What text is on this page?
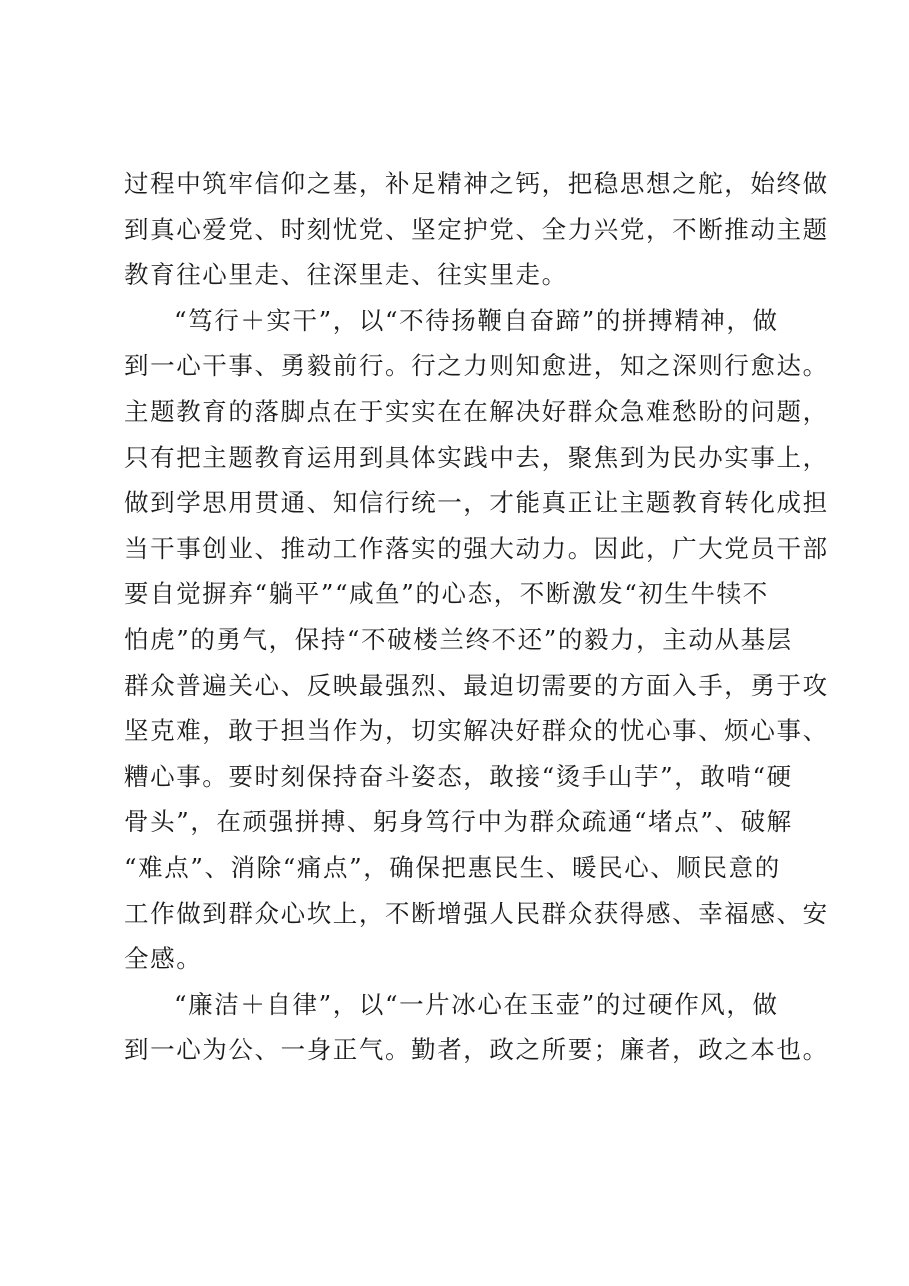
过程中筑牢信仰之基，补足精神之钙，把稳思想之舵，始终做
到真心爱党、时刻忧党、坚定护党、全力兴党，不断推动主题
教育往心里走、往深里走、往实里走。
“笃行＋实干”，以“不待扬鞭自奋蹄”的拼搏精神，做
到一心干事、勇毅前行。行之力则知愈进，知之深则行愈达。
主题教育的落脚点在于实实在在解决好群众急难愁盼的问题，
只有把主题教育运用到具体实践中去，聚焦到为民办实事上，
做到学思用贯通、知信行统一，才能真正让主题教育转化成担
当干事创业、推动工作落实的强大动力。因此，广大党员干部
要自觉摒弃“躺平”“咸鱼”的心态，不断激发“初生牛犊不
怕虎”的勇气，保持“不破楼兰终不还”的毅力，主动从基层
群众普遍关心、反映最强烈、最迫切需要的方面入手，勇于攻
坚克难，敢于担当作为，切实解决好群众的忧心事、烦心事、
糟心事。要时刻保持奋斗姿态，敢接“烫手山芋”，敢啃“硬
骨头”，在顽强拼搏、躬身笃行中为群众疏通“堵点”、破解
“难点”、消除“痛点”，确保把惠民生、暖民心、顺民意的
工作做到群众心坎上，不断增强人民群众获得感、幸福感、安
全感。
“廉洁＋自律”，以“一片冰心在玉壶”的过硬作风，做
到一心为公、一身正气。勤者，政之所要；廉者，政之本也。
